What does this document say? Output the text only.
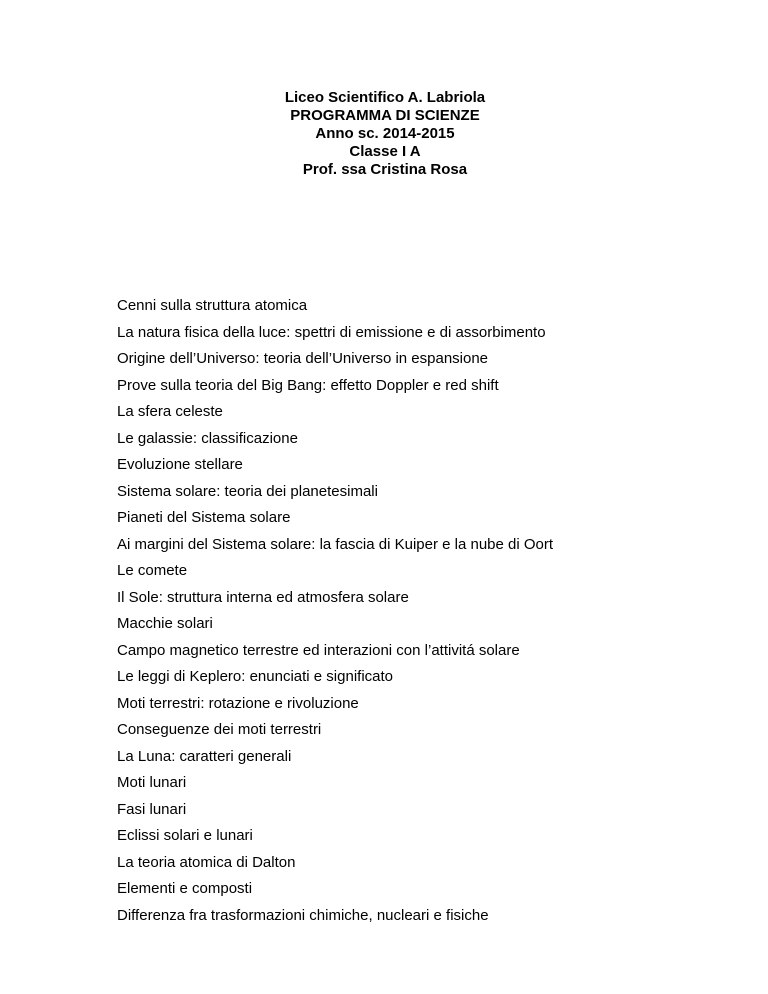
Liceo Scientifico A. Labriola
PROGRAMMA DI SCIENZE
Anno sc. 2014-2015
Classe I A
Prof. ssa Cristina Rosa
Cenni sulla struttura atomica
La natura fisica della luce: spettri di emissione e di assorbimento
Origine dell’Universo: teoria dell’Universo in espansione
Prove sulla teoria del Big Bang: effetto Doppler e red shift
La sfera celeste
Le galassie: classificazione
Evoluzione stellare
Sistema solare: teoria dei planetesimali
Pianeti del Sistema solare
Ai margini del Sistema solare: la fascia di Kuiper e la nube di Oort
Le comete
Il Sole: struttura interna ed atmosfera solare
Macchie solari
Campo magnetico terrestre ed interazioni con l’attivitá solare
Le leggi di Keplero: enunciati e significato
Moti terrestri: rotazione e rivoluzione
Conseguenze dei moti terrestri
La Luna: caratteri generali
Moti lunari
Fasi lunari
Eclissi solari e lunari
La teoria atomica di Dalton
Elementi e composti
Differenza fra trasformazioni chimiche, nucleari e fisiche
